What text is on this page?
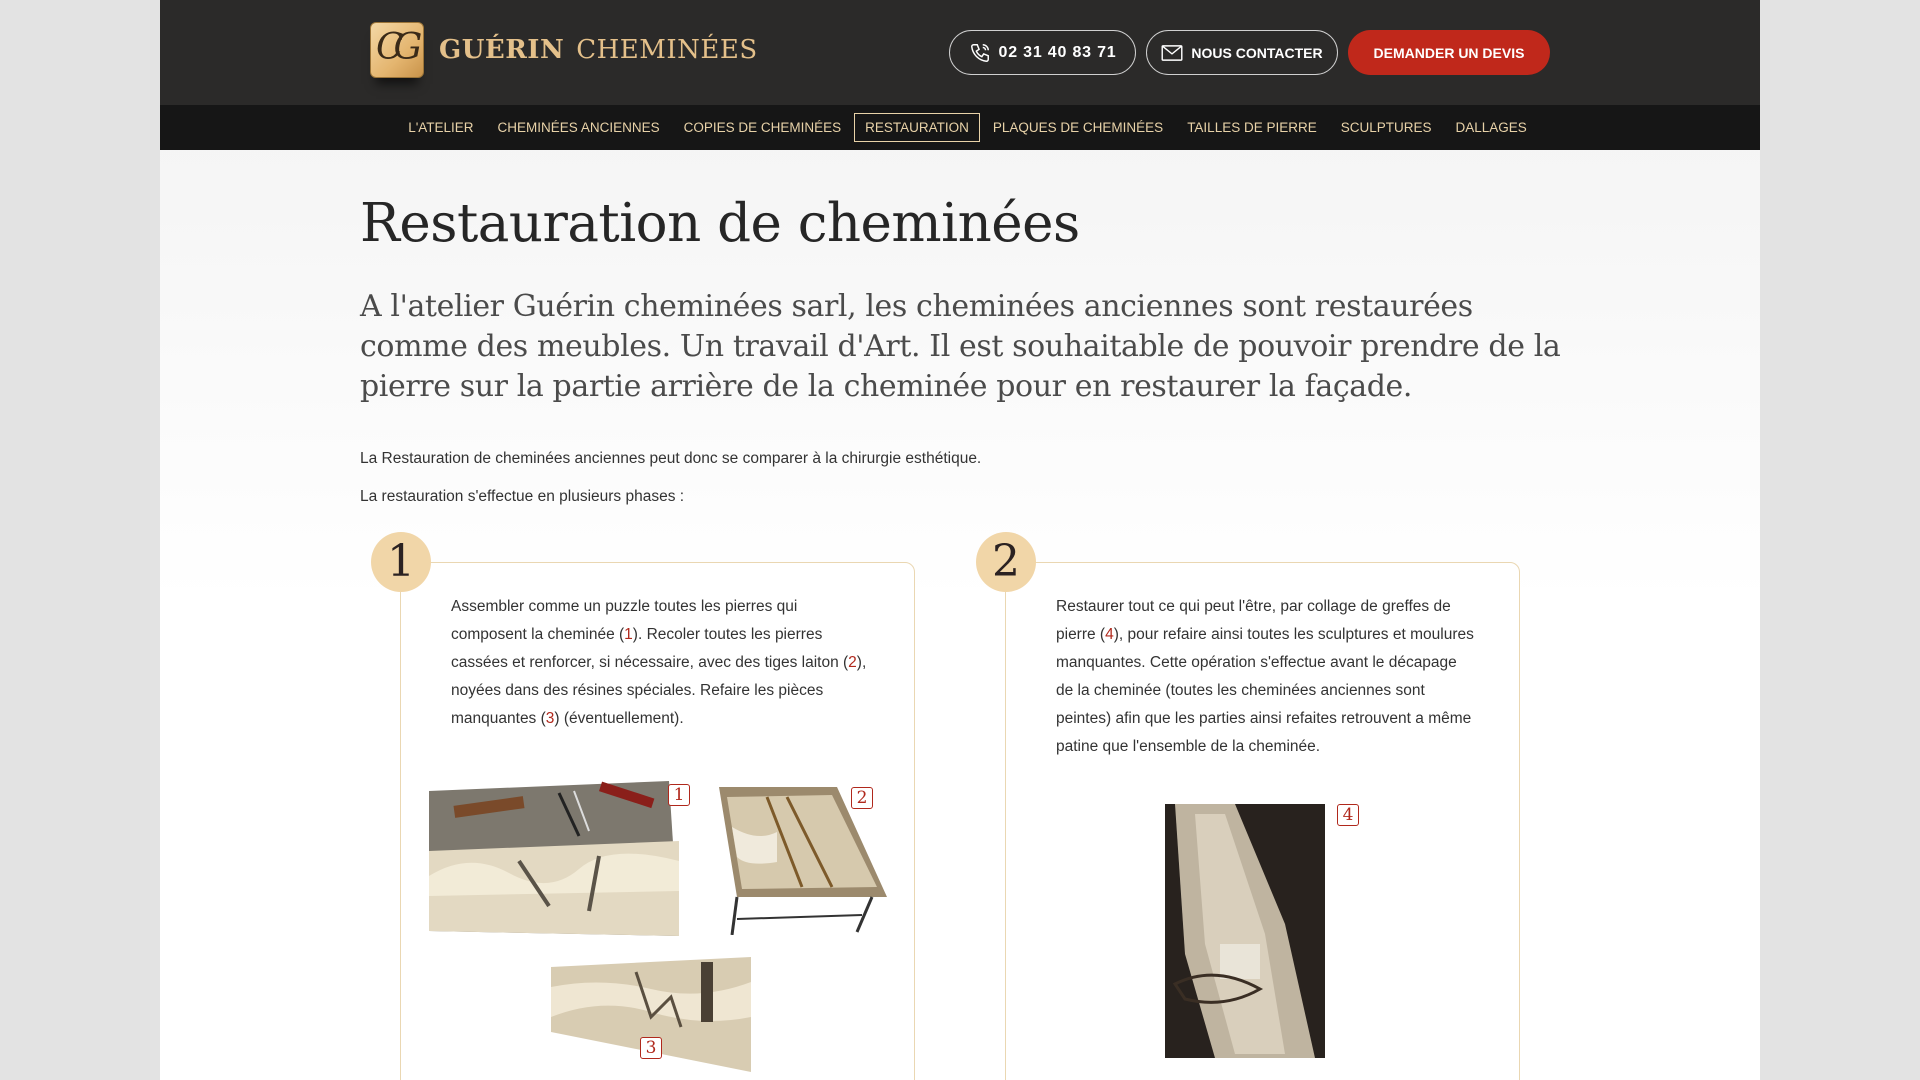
CG GUÉRIN CHEMINÉES	02 31 40 83 71	NOUS CONTACTER	DEMANDER UN DEVIS
L'ATELIER	CHEMINÉES ANCIENNES	COPIES DE CHEMINÉES	RESTAURATION	PLAQUES DE CHEMINÉES	TAILLES DE PIERRE	SCULPTURES	DALLAGES
Restauration de cheminées

A l'atelier Guérin cheminées sarl, les cheminées anciennes sont restaurées comme des meubles. Un travail d'Art. Il est souhaitable de pouvoir prendre de la pierre sur la partie arrière de la cheminée pour en restaurer la façade.

La Restauration de cheminées anciennes peut donc se comparer à la chirurgie esthétique.

La restauration s'effectue en plusieurs phases :

Assembler comme un puzzle toutes les pierres qui composent la cheminée (1). Recoler toutes les pierres cassées et renforcer, si nécessaire, avec des tiges laiton (2), noyées dans des résines spéciales. Refaire les pièces manquantes (3) (éventuellement).

1	2
3
1

Restaurer tout ce qui peut l'être, par collage de greffes de pierre (4), pour refaire ainsi toutes les sculptures et moulures manquantes. Cette opération s'effectue avant le décapage de la cheminée (toutes les cheminées anciennes sont peintes) afin que les parties ainsi refaites retrouvent a même patine que l'ensemble de la cheminée.

4
2
